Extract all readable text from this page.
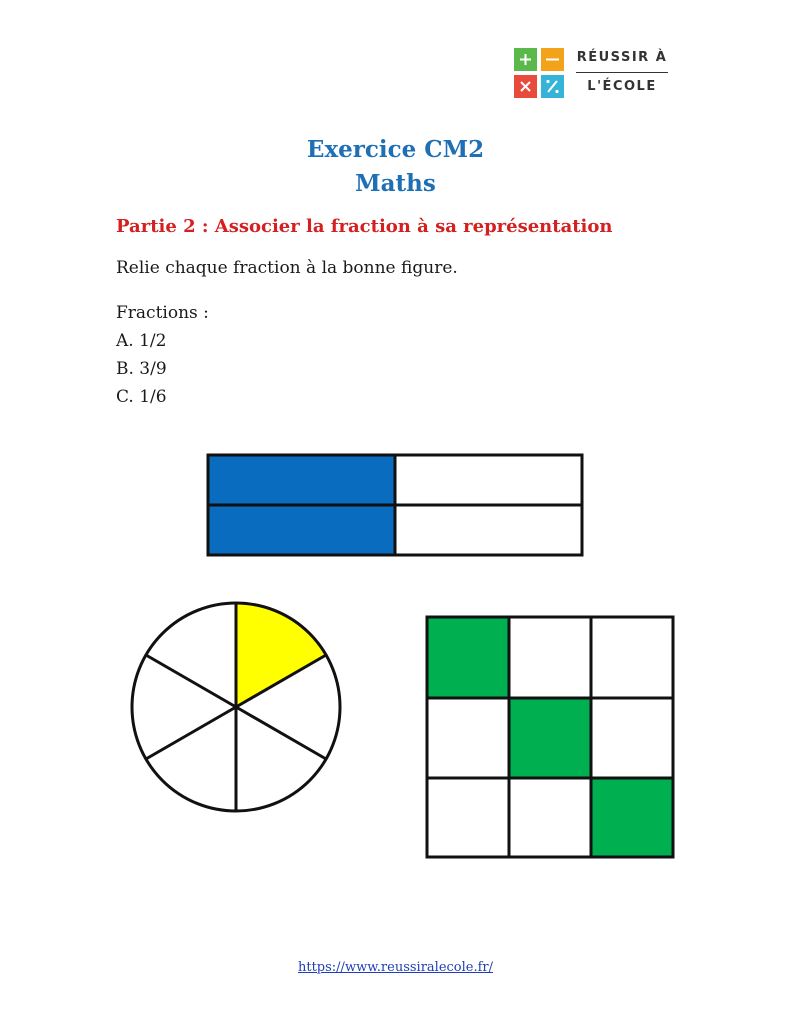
RÉUSSIR À
L'ÉCOLE
Exercice CM2
Maths
Partie 2 : Associer la fraction à sa représentation
Relie chaque fraction à la bonne figure.
Fractions :
A. 1/2
B. 3/9
C. 1/6
https://www.reussiralecole.fr/
